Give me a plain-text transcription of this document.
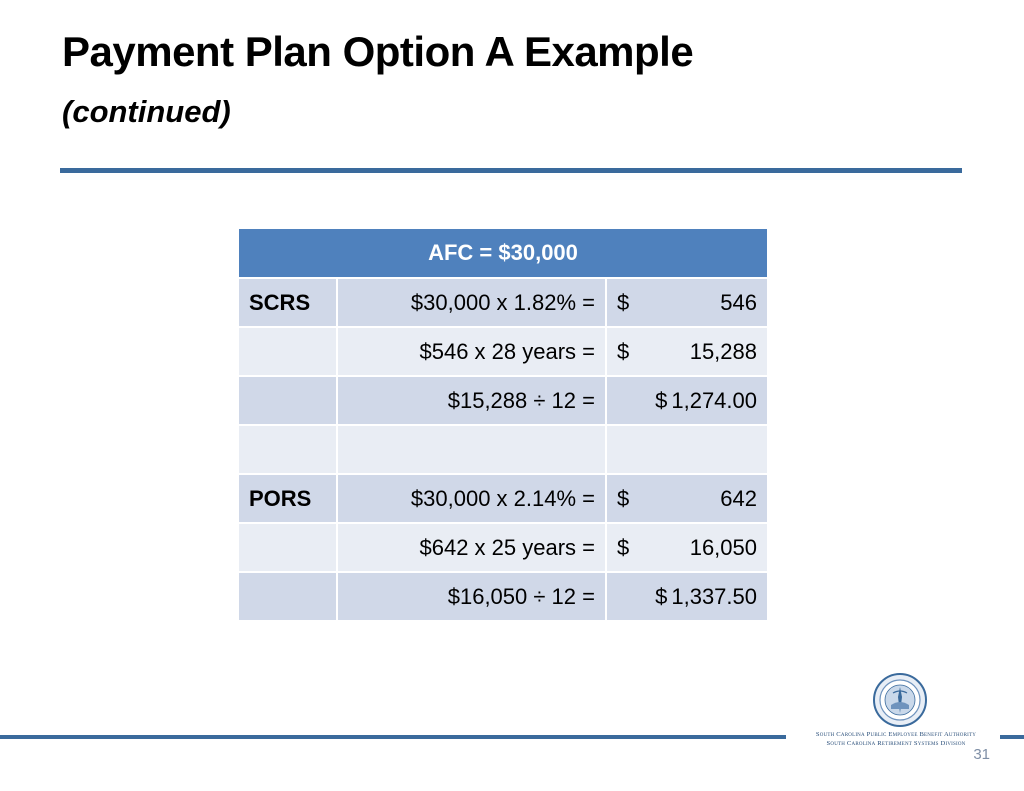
Payment Plan Option A Example
(continued)
AFC = $30,000		
SCRS	$30,000 x 1.82% =	$ 546

	$546 x 28 years =	$ 15,288

	$15,288 ÷ 12 =	$ 1,274.00

PORS	$30,000 x 2.14% =	$ 642

	$642 x 25 years =	$ 16,050

	$16,050 ÷ 12 =	$ 1,337.50
South Carolina Public Employee Benefit Authority
South Carolina Retirement Systems Division
31
